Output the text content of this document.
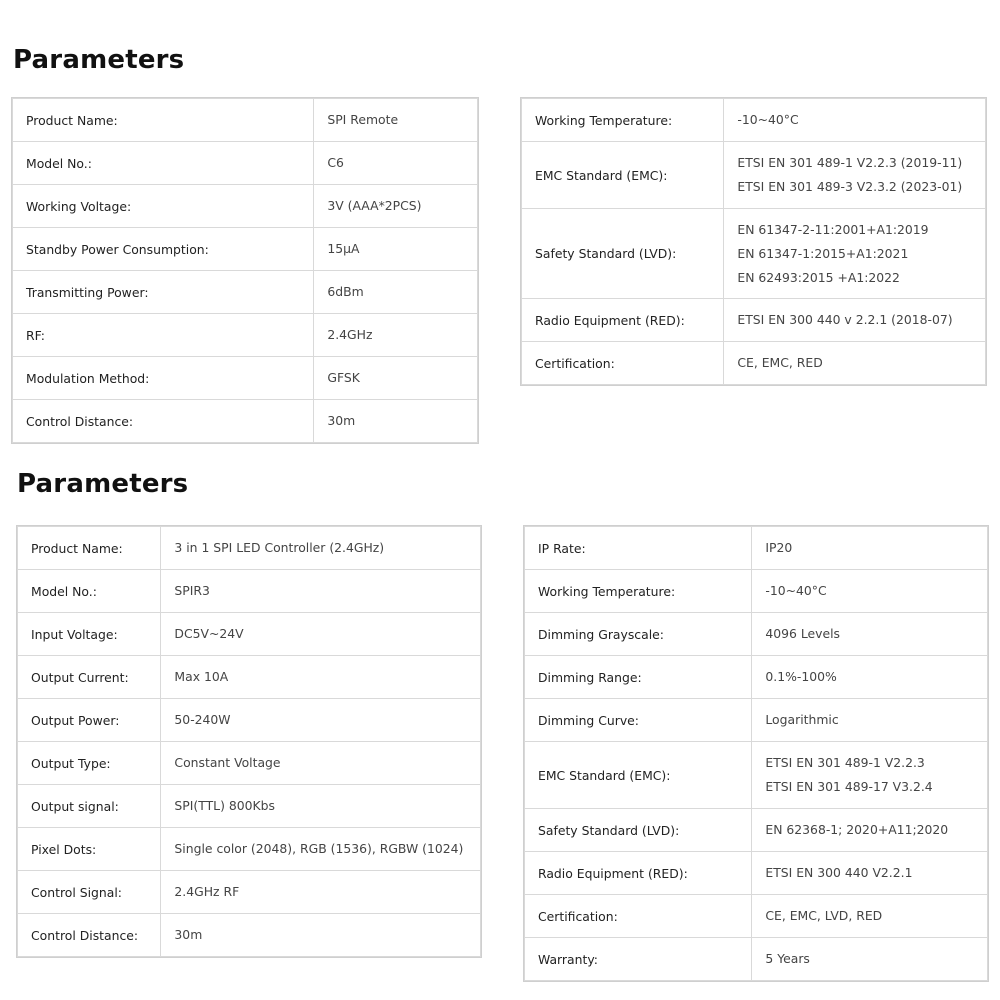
Parameters
Product Name:	SPI Remote

Model No.:	C6

Working Voltage:	3V (AAA*2PCS)

Standby Power Consumption:	15μA

Transmitting Power:	6dBm

RF:	2.4GHz

Modulation Method:	GFSK

Control Distance:	30m
Working Temperature:	-10~40°C

EMC Standard (EMC):	ETSI EN 301 489-1 V2.2.3 (2019-11)
ETSI EN 301 489-3 V2.3.2 (2023-01)

Safety Standard (LVD):	EN 61347-2-11:2001+A1:2019
EN 61347-1:2015+A1:2021
EN 62493:2015 +A1:2022

Radio Equipment (RED):	ETSI EN 300 440 v 2.2.1 (2018-07)

Certification:	CE, EMC, RED
Parameters
Product Name:	3 in 1 SPI LED Controller (2.4GHz)

Model No.:	SPIR3

Input Voltage:	DC5V~24V

Output Current:	Max 10A

Output Power:	50-240W

Output Type:	Constant Voltage

Output signal:	SPI(TTL) 800Kbs

Pixel Dots:	Single color (2048), RGB (1536), RGBW (1024)

Control Signal:	2.4GHz RF

Control Distance:	30m
IP Rate:	IP20

Working Temperature:	-10~40°C

Dimming Grayscale:	4096 Levels

Dimming Range:	0.1%-100%

Dimming Curve:	Logarithmic

EMC Standard (EMC):	ETSI EN 301 489-1 V2.2.3
ETSI EN 301 489-17 V3.2.4

Safety Standard (LVD):	EN 62368-1; 2020+A11;2020

Radio Equipment (RED):	ETSI EN 300 440 V2.2.1

Certification:	CE, EMC, LVD, RED

Warranty:	5 Years
